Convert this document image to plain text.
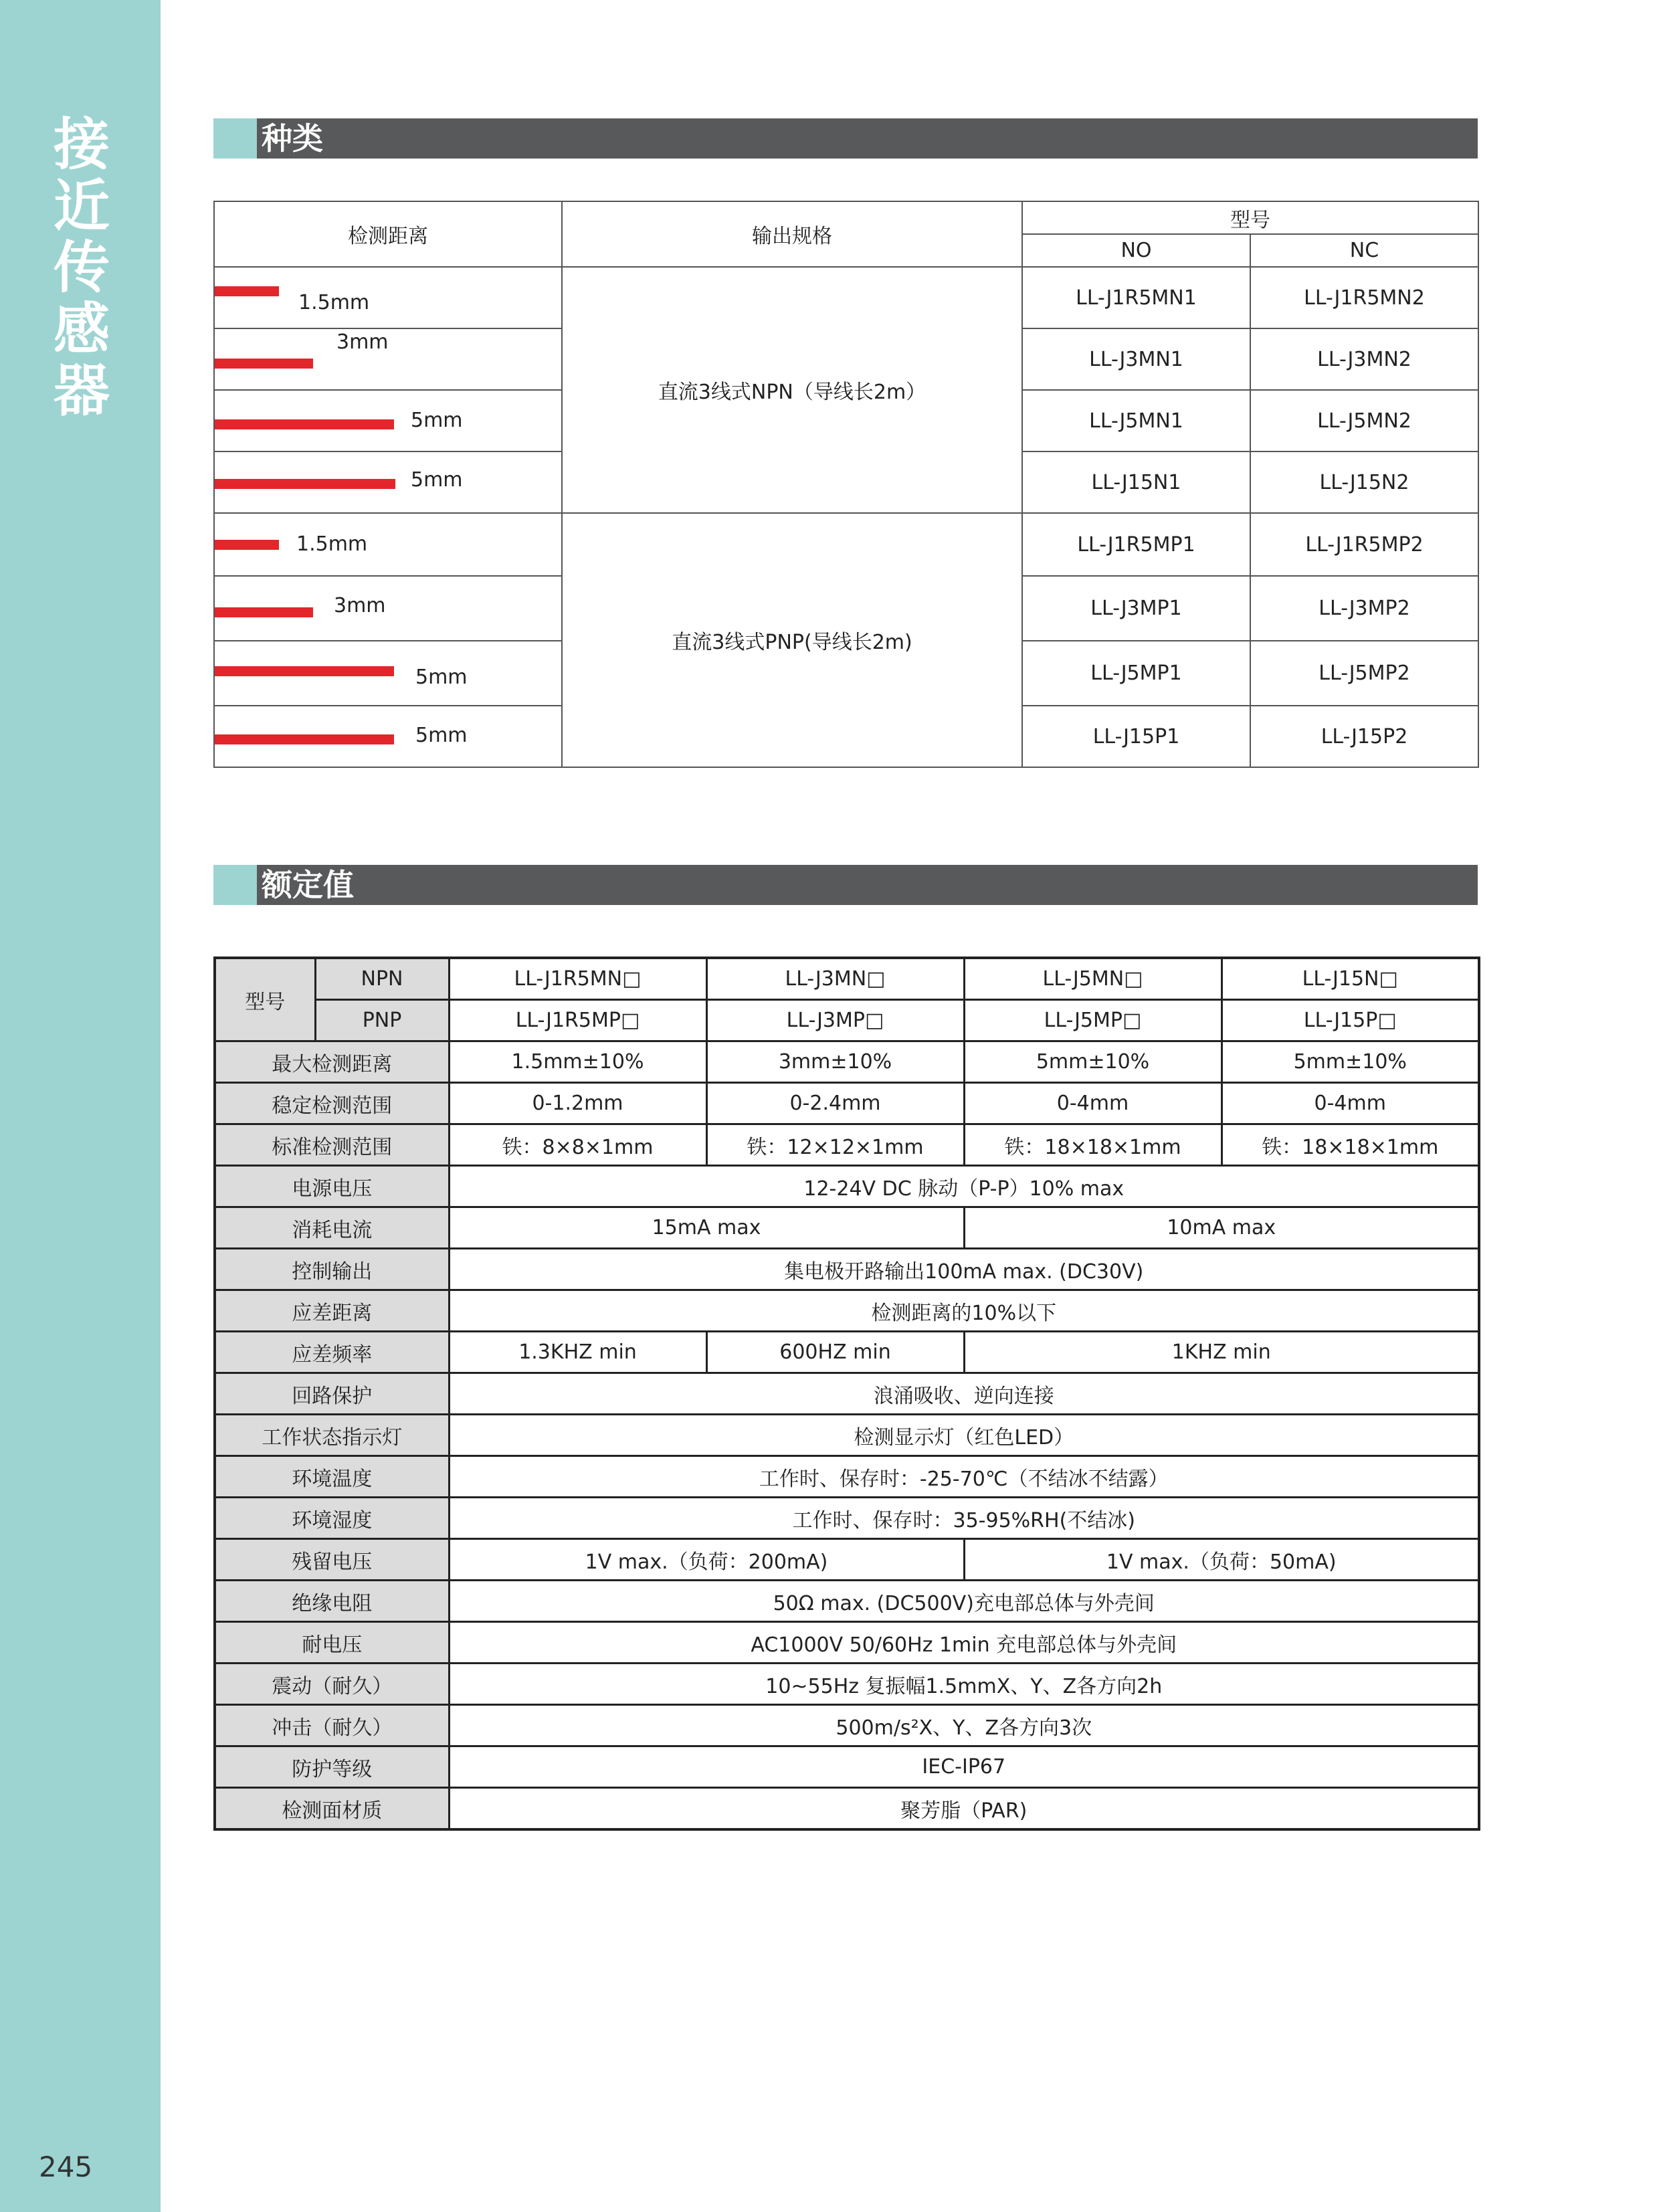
接
近
传
感
器
245
种类
检测距离	输出规格	型号	
		NO	NC

1.5mm	直流3线式NPN（导线长2m）	LL-J1R5MN1	LL-J1R5MN2

3mm		LL-J3MN1	LL-J3MN2

5mm		LL-J5MN1	LL-J5MN2

5mm		LL-J15N1	LL-J15N2

1.5mm	直流3线式PNP(导线长2m)	LL-J1R5MP1	LL-J1R5MP2

3mm		LL-J3MP1	LL-J3MP2

5mm		LL-J5MP1	LL-J5MP2

5mm		LL-J15P1	LL-J15P2
额定值
型号	NPN	LL-J1R5MN□	LL-J3MN□	LL-J5MN□	LL-J15N□
	PNP	LL-J1R5MP□	LL-J3MP□	LL-J5MP□	LL-J15P□
最大检测距离		1.5mm±10%	3mm±10%	5mm±10%	5mm±10%
稳定检测范围		0-1.2mm	0-2.4mm	0-4mm	0-4mm
标准检测范围		铁：8×8×1mm	铁：12×12×1mm	铁：18×18×1mm	铁：18×18×1mm
电源电压		12-24V DC 脉动（P-P）10% max			
消耗电流		15mA max		10mA max	
控制输出		集电极开路输出100mA max. (DC30V)			
应差距离		检测距离的10%以下			
应差频率		1.3KHZ min	600HZ min	1KHZ min	
回路保护		浪涌吸收、逆向连接			
工作状态指示灯		检测显示灯（红色LED）			
环境温度		工作时、保存时：-25-70℃（不结冰不结露）			
环境湿度		工作时、保存时：35-95%RH(不结冰)			
残留电压		1V max.（负荷：200mA)		1V max.（负荷：50mA)	
绝缘电阻		50Ω max. (DC500V)充电部总体与外壳间			
耐电压		AC1000V 50/60Hz 1min 充电部总体与外壳间			
震动（耐久）		10~55Hz 复振幅1.5mmX、Y、Z各方向2h			
冲击（耐久）		500m/s²X、Y、Z各方向3次			
防护等级		IEC-IP67			
检测面材质		聚芳脂（PAR)			
